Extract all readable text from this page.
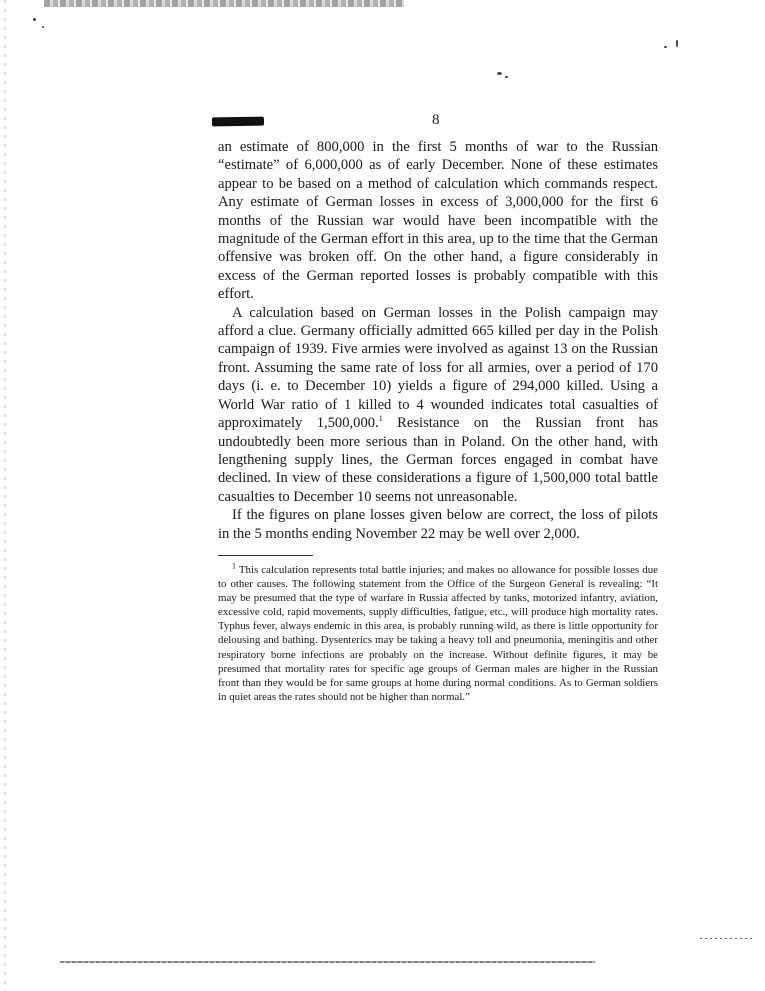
8

an estimate of 800,000 in the first 5 months of war to the Russian “estimate” of 6,000,000 as of early December. None of these estimates appear to be based on a method of calculation which commands respect. Any estimate of German losses in excess of 3,000,000 for the first 6 months of the Russian war would have been incompatible with the magnitude of the German effort in this area, up to the time that the German offensive was broken off. On the other hand, a figure considerably in excess of the German reported losses is probably compatible with this effort.

A calculation based on German losses in the Polish campaign may afford a clue. Germany officially admitted 665 killed per day in the Polish campaign of 1939. Five armies were involved as against 13 on the Russian front. Assuming the same rate of loss for all armies, over a period of 170 days (i. e. to December 10) yields a figure of 294,000 killed. Using a World War ratio of 1 killed to 4 wounded indicates total casualties of approximately 1,500,000.$^1$ Resistance on the Russian front has undoubtedly been more serious than in Poland. On the other hand, with lengthening supply lines, the German forces engaged in combat have declined. In view of these considerations a figure of 1,500,000 total battle casualties to December 10 seems not unreasonable.

If the figures on plane losses given below are correct, the loss of pilots in the 5 months ending November 22 may be well over 2,000.

$^1$ This calculation represents total battle injuries; and makes no allowance for possible losses due to other causes. The following statement from the Office of the Surgeon General is revealing: “It may be presumed that the type of warfare in Russia affected by tanks, motorized infantry, aviation, excessive cold, rapid movements, supply difficulties, fatigue, etc., will produce high mortality rates. Typhus fever, always endemic in this area, is probably running wild, as there is little opportunity for delousing and bathing. Dysenterics may be taking a heavy toll and pneumonia, meningitis and other respiratory borne infections are probably on the increase. Without definite figures, it may be presumed that mortality rates for specific age groups of German males are higher in the Russian front than they would be for same groups at home during normal conditions. As to German soldiers in quiet areas the rates should not be higher than normal.”
